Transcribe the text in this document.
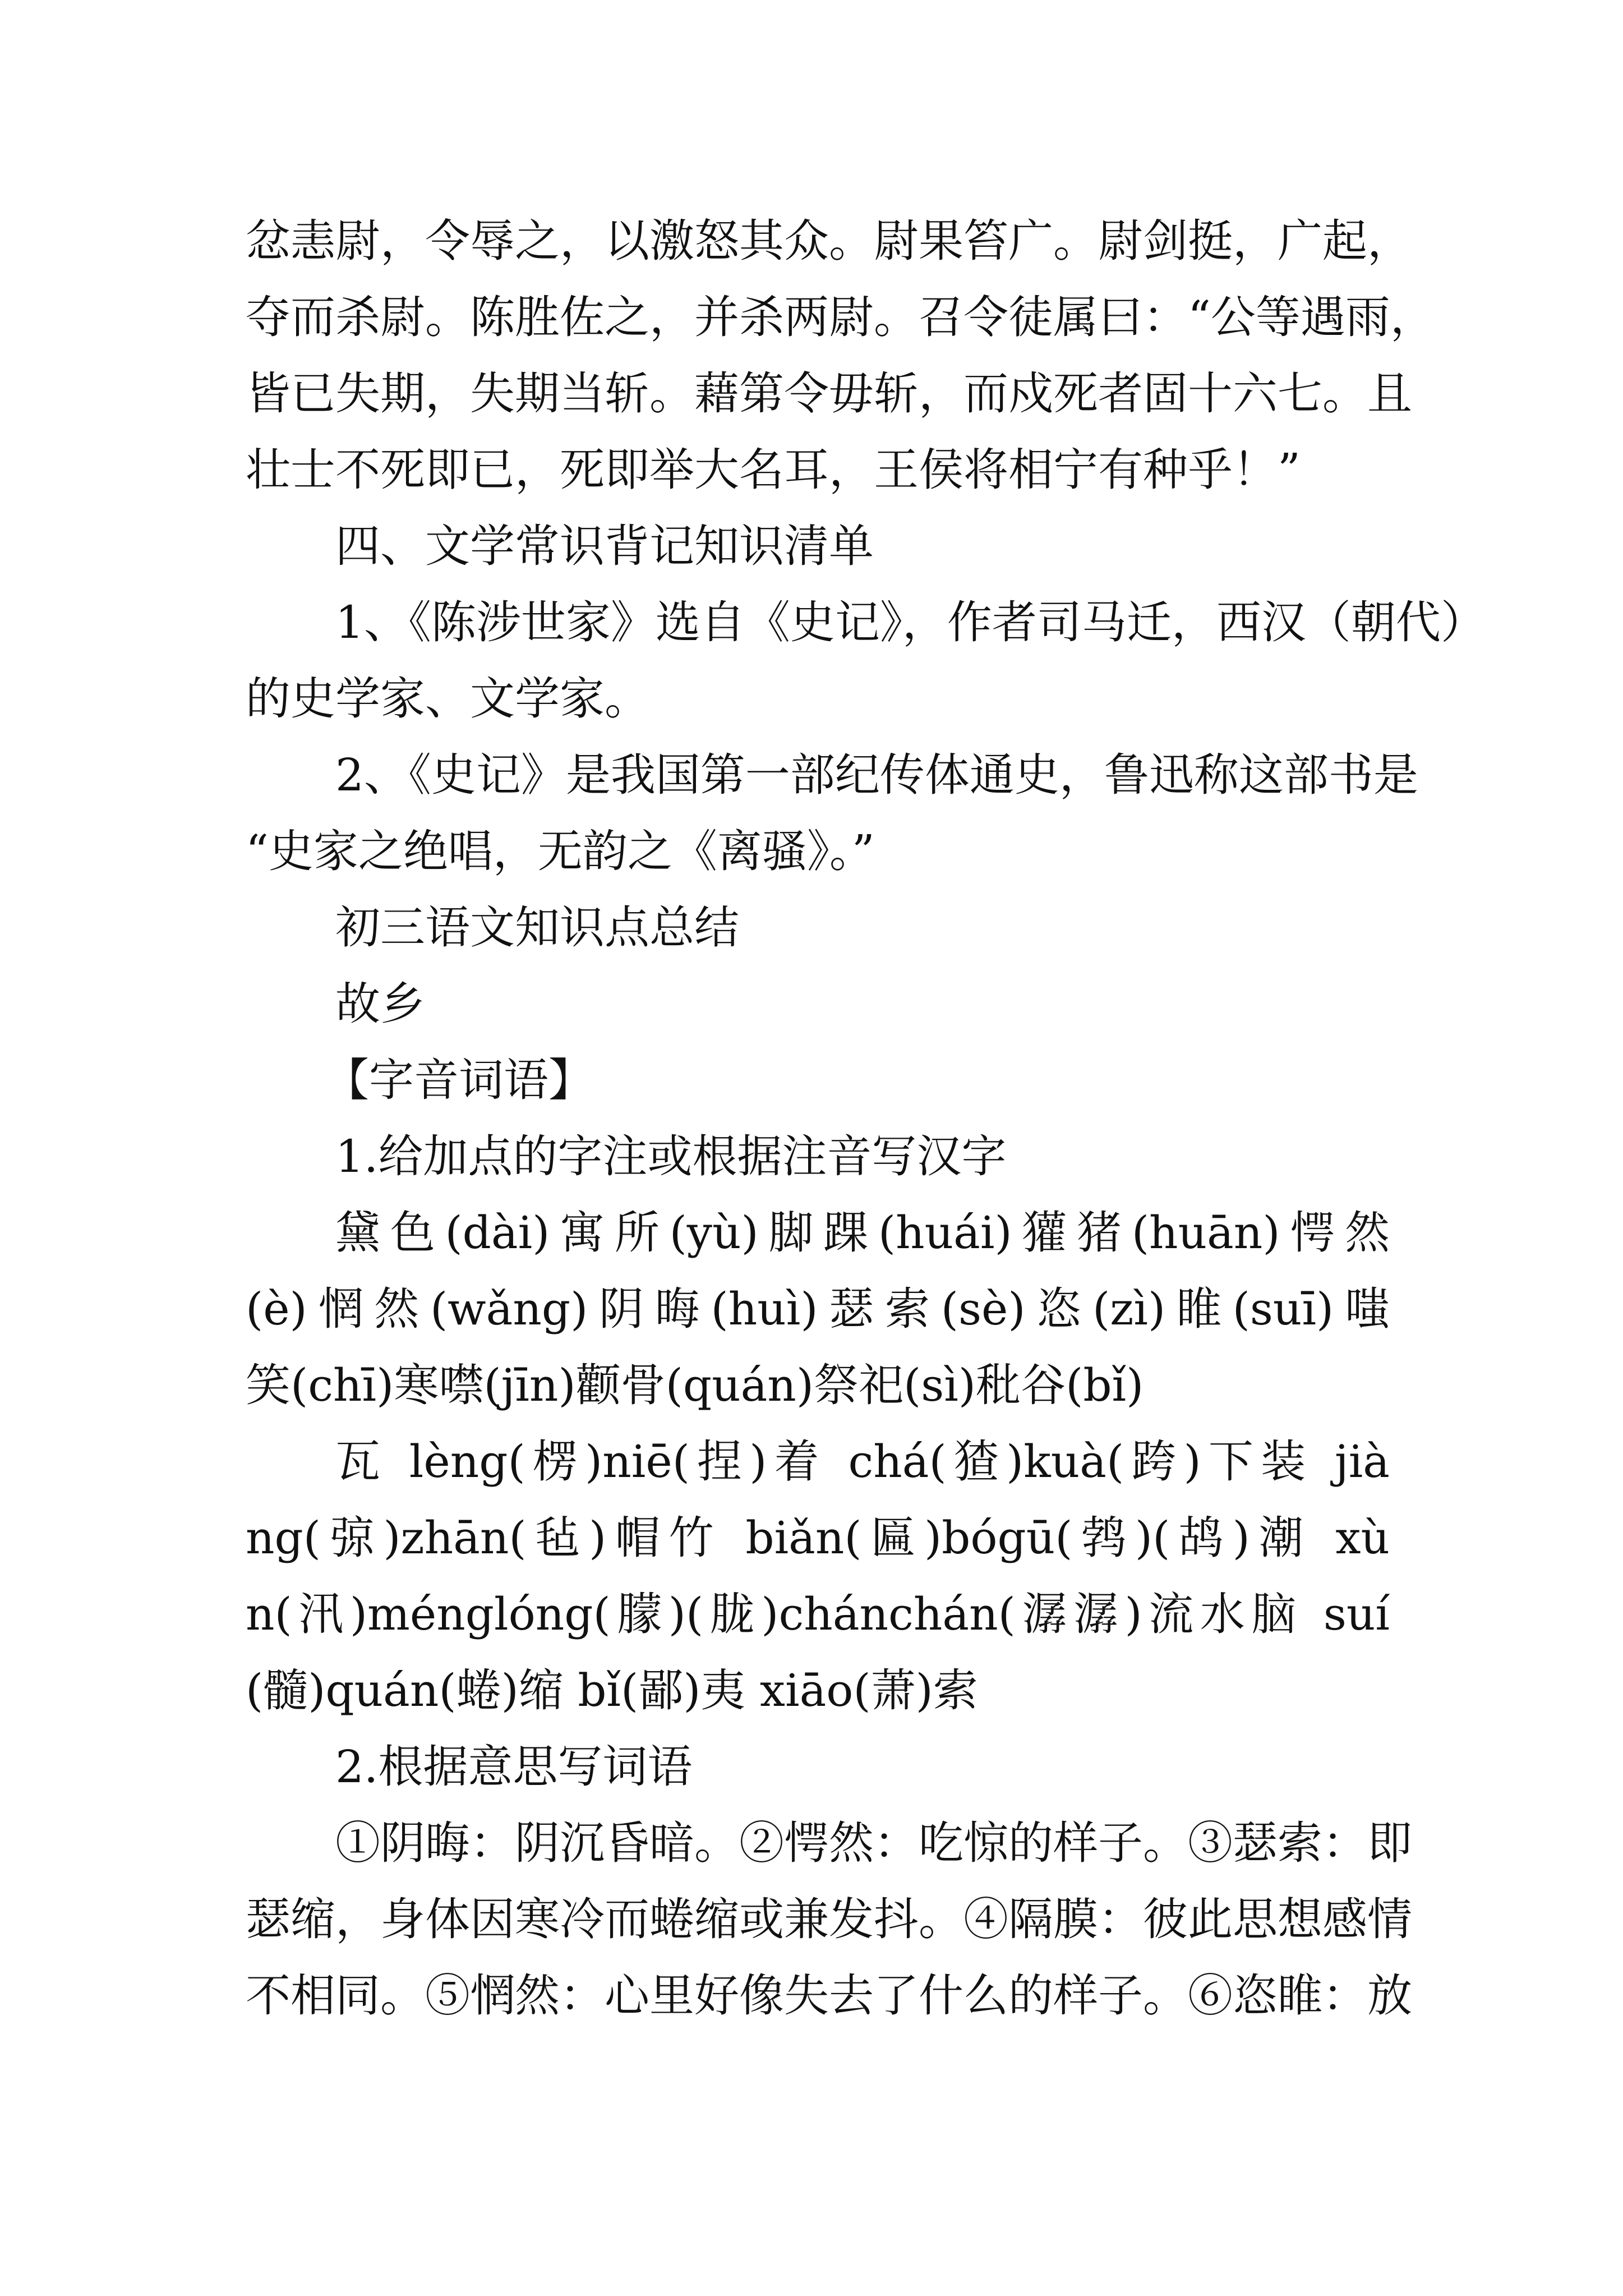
忿恚尉，令辱之，以激怒其众。尉果笞广。尉剑挺，广起，
夺而杀尉。陈胜佐之，并杀两尉。召令徒属曰：“公等遇雨，
皆已失期，失期当斩。藉第令毋斩，而戍死者固十六七。且
壮士不死即已，死即举大名耳，王侯将相宁有种乎！”
四、文学常识背记知识清单
1、《陈涉世家》选自《史记》，作者司马迁，西汉（朝代）
的史学家、文学家。
2、《史记》是我国第一部纪传体通史，鲁迅称这部书是
“史家之绝唱，无韵之《离骚》。”
初三语文知识点总结
故乡
【字音词语】
1.给加点的字注或根据注音写汉字
黛色(dài)寓所(yù)脚踝(huái)獾猪(huān)愕然
(è)惘然(wǎng)阴晦(huì)瑟索(sè)恣(zì)睢(suī)嗤
笑(chī)寒噤(jīn)颧骨(quán)祭祀(sì)秕谷(bǐ)
瓦 lèng(楞)niē(捏)着 chá(猹)kuà(跨)下装 jià
ng(弶)zhān(毡)帽竹 biǎn(匾)bógū(鹁)(鸪)潮 xù
n(汛)ménglóng(朦)(胧)chánchán(潺潺)流水脑 suí
(髓)quán(蜷)缩 bǐ(鄙)夷 xiāo(萧)索
2.根据意思写词语
①阴晦：阴沉昏暗。②愕然：吃惊的样子。③瑟索：即
瑟缩，身体因寒冷而蜷缩或兼发抖。④隔膜：彼此思想感情
不相同。⑤惘然：心里好像失去了什么的样子。⑥恣睢：放
